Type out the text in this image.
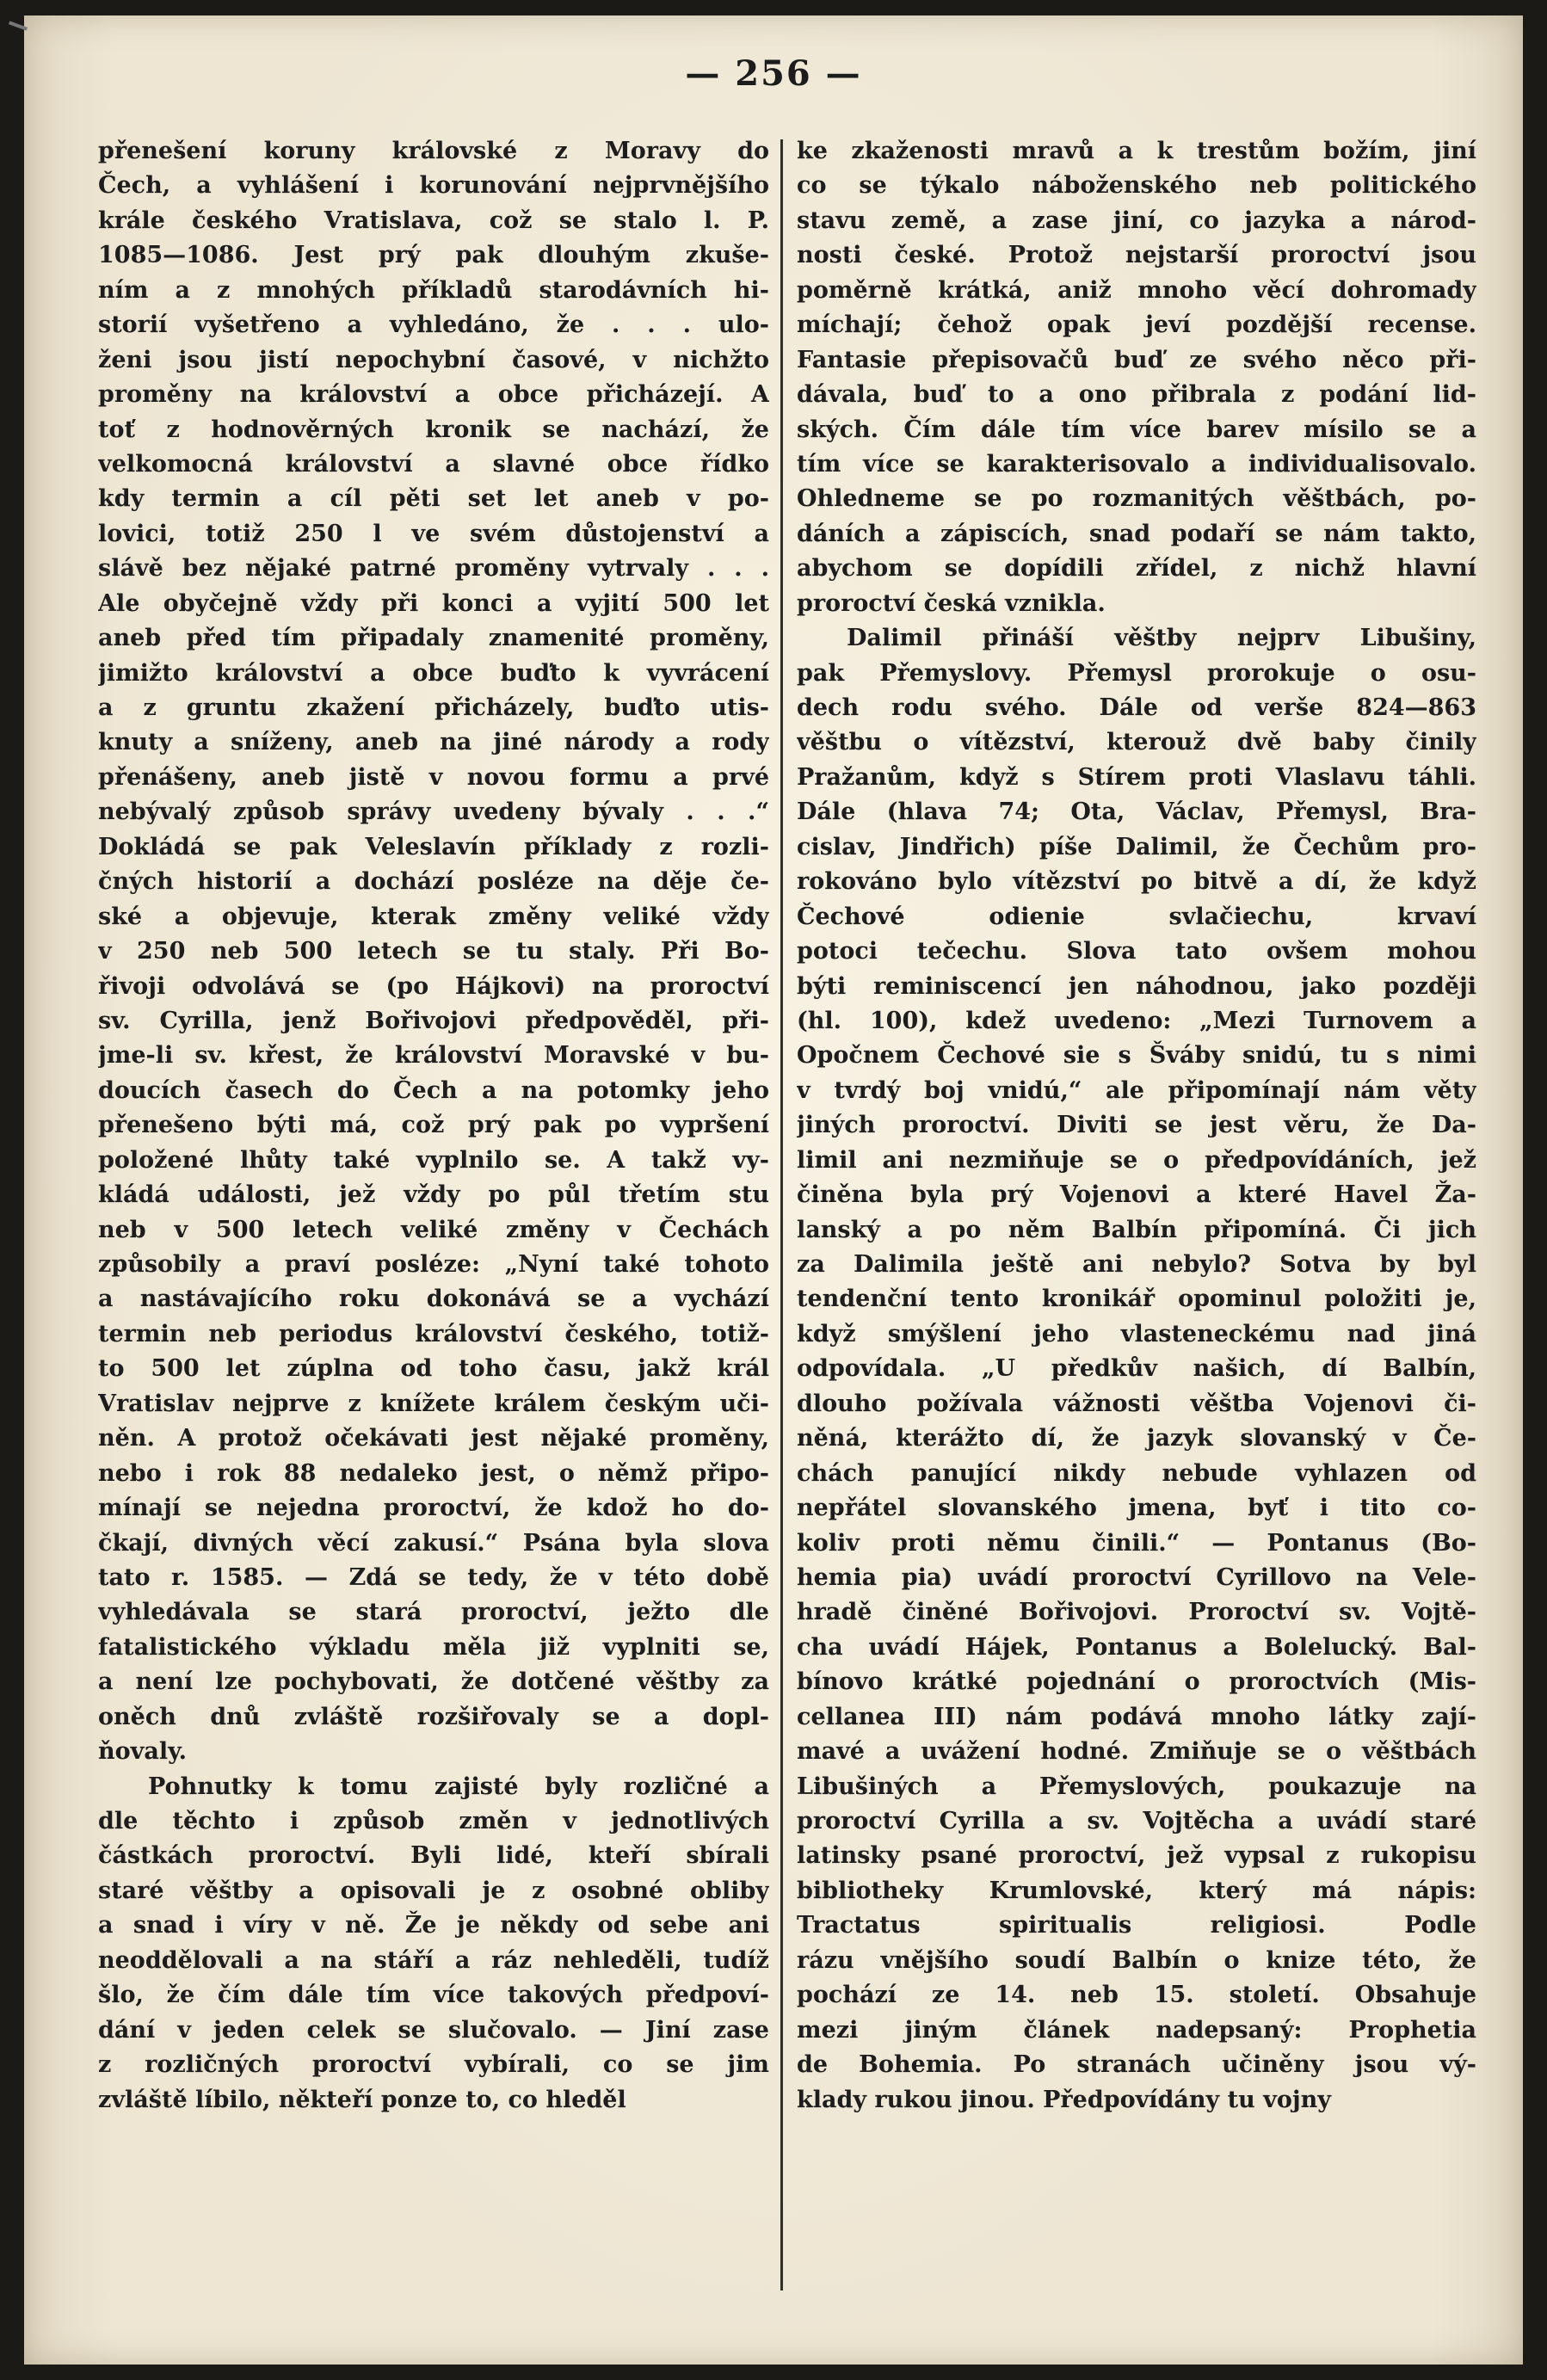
— 256 —
přenešení koruny královské z Moravy do
Čech, a vyhlášení i korunování nejprvnějšího
krále českého Vratislava, což se stalo l. P.
1085—1086. Jest prý pak dlouhým zkuše-
ním a z mnohých příkladů starodávních hi-
storií vyšetřeno a vyhledáno, že . . . ulo-
ženi jsou jistí nepochybní časové, v nichžto
proměny na království a obce přicházejí. A
toť z hodnověrných kronik se nachází, že
velkomocná království a slavné obce řídko
kdy termin a cíl pěti set let aneb v po-
lovici, totiž 250 l ve svém důstojenství a
slávě bez nějaké patrné proměny vytrvaly . . .
Ale obyčejně vždy při konci a vyjití 500 let
aneb před tím připadaly znamenité proměny,
jimižto království a obce buďto k vyvrácení
a z gruntu zkažení přicházely, buďto utis-
knuty a sníženy, aneb na jiné národy a rody
přenášeny, aneb jistě v novou formu a prvé
nebývalý způsob správy uvedeny bývaly . . .“
Dokládá se pak Veleslavín příklady z rozli-
čných historií a dochází posléze na děje če-
ské a objevuje, kterak změny veliké vždy
v 250 neb 500 letech se tu staly. Při Bo-
řivoji odvolává se (po Hájkovi) na proroctví
sv. Cyrilla, jenž Bořivojovi předpověděl, při-
jme-li sv. křest, že království Moravské v bu-
doucích časech do Čech a na potomky jeho
přenešeno býti má, což prý pak po vypršení
položené lhůty také vyplnilo se. A takž vy-
kládá události, jež vždy po půl třetím stu
neb v 500 letech veliké změny v Čechách
způsobily a praví posléze: „Nyní také tohoto
a nastávajícího roku dokonává se a vychází
termin neb periodus království českého, totiž-
to 500 let zúplna od toho času, jakž král
Vratislav nejprve z knížete králem českým uči-
něn. A protož očekávati jest nějaké proměny,
nebo i rok 88 nedaleko jest, o němž připo-
mínají se nejedna proroctví, že kdož ho do-
čkají, divných věcí zakusí.“ Psána byla slova
tato r. 1585. — Zdá se tedy, že v této době
vyhledávala se stará proroctví, ježto dle
fatalistického výkladu měla již vyplniti se,
a není lze pochybovati, že dotčené věštby za
oněch dnů zvláště rozšiřovaly se a dopl-
ňovaly.
Pohnutky k tomu zajisté byly rozličné a
dle těchto i způsob změn v jednotlivých
částkách proroctví. Byli lidé, kteří sbírali
staré věštby a opisovali je z osobné obliby
a snad i víry v ně. Že je někdy od sebe ani
neoddělovali a na stáří a ráz nehleděli, tudíž
šlo, že čím dále tím více takových předpoví-
dání v jeden celek se slučovalo. — Jiní zase
z rozličných proroctví vybírali, co se jim
zvláště líbilo, někteří ponze to, co hleděl
ke zkaženosti mravů a k trestům božím, jiní
co se týkalo náboženského neb politického
stavu země, a zase jiní, co jazyka a národ-
nosti české. Protož nejstarší proroctví jsou
poměrně krátká, aniž mnoho věcí dohromady
míchají; čehož opak jeví pozdější recense.
Fantasie přepisovačů buď ze svého něco při-
dávala, buď to a ono přibrala z podání lid-
ských. Čím dále tím více barev mísilo se a
tím více se karakterisovalo a individualisovalo.
Ohledneme se po rozmanitých věštbách, po-
dáních a zápiscích, snad podaří se nám takto,
abychom se dopídili zřídel, z nichž hlavní
proroctví česká vznikla.
Dalimil přináší věštby nejprv Libušiny,
pak Přemyslovy. Přemysl prorokuje o osu-
dech rodu svého. Dále od verše 824—863
věštbu o vítězství, kterouž dvě baby činily
Pražanům, když s Stírem proti Vlaslavu táhli.
Dále (hlava 74; Ota, Václav, Přemysl, Bra-
cislav, Jindřich) píše Dalimil, že Čechům pro-
rokováno bylo vítězství po bitvě a dí, že když
Čechové odienie svlačiechu, krvaví
potoci tečechu. Slova tato ovšem mohou
býti reminiscencí jen náhodnou, jako později
(hl. 100), kdež uvedeno: „Mezi Turnovem a
Opočnem Čechové sie s Šváby snidú, tu s nimi
v tvrdý boj vnidú,“ ale připomínají nám věty
jiných proroctví. Diviti se jest věru, že Da-
limil ani nezmiňuje se o předpovídáních, jež
činěna byla prý Vojenovi a které Havel Ža-
lanský a po něm Balbín připomíná. Či jich
za Dalimila ještě ani nebylo? Sotva by byl
tendenční tento kronikář opominul položiti je,
když smýšlení jeho vlasteneckému nad jiná
odpovídala. „U předkův našich, dí Balbín,
dlouho požívala vážnosti věštba Vojenovi či-
něná, kterážto dí, že jazyk slovanský v Če-
chách panující nikdy nebude vyhlazen od
nepřátel slovanského jmena, byť i tito co-
koliv proti němu činili.“ — Pontanus (Bo-
hemia pia) uvádí proroctví Cyrillovo na Vele-
hradě činěné Bořivojovi. Proroctví sv. Vojtě-
cha uvádí Hájek, Pontanus a Bolelucký. Bal-
bínovo krátké pojednání o proroctvích (Mis-
cellanea III) nám podává mnoho látky zají-
mavé a uvážení hodné. Zmiňuje se o věštbách
Libušiných a Přemyslových, poukazuje na
proroctví Cyrilla a sv. Vojtěcha a uvádí staré
latinsky psané proroctví, jež vypsal z rukopisu
bibliotheky Krumlovské, který má nápis:
Tractatus spiritualis religiosi. Podle
rázu vnějšího soudí Balbín o knize této, že
pochází ze 14. neb 15. století. Obsahuje
mezi jiným článek nadepsaný: Prophetia
de Bohemia. Po stranách učiněny jsou vý-
klady rukou jinou. Předpovídány tu vojny
